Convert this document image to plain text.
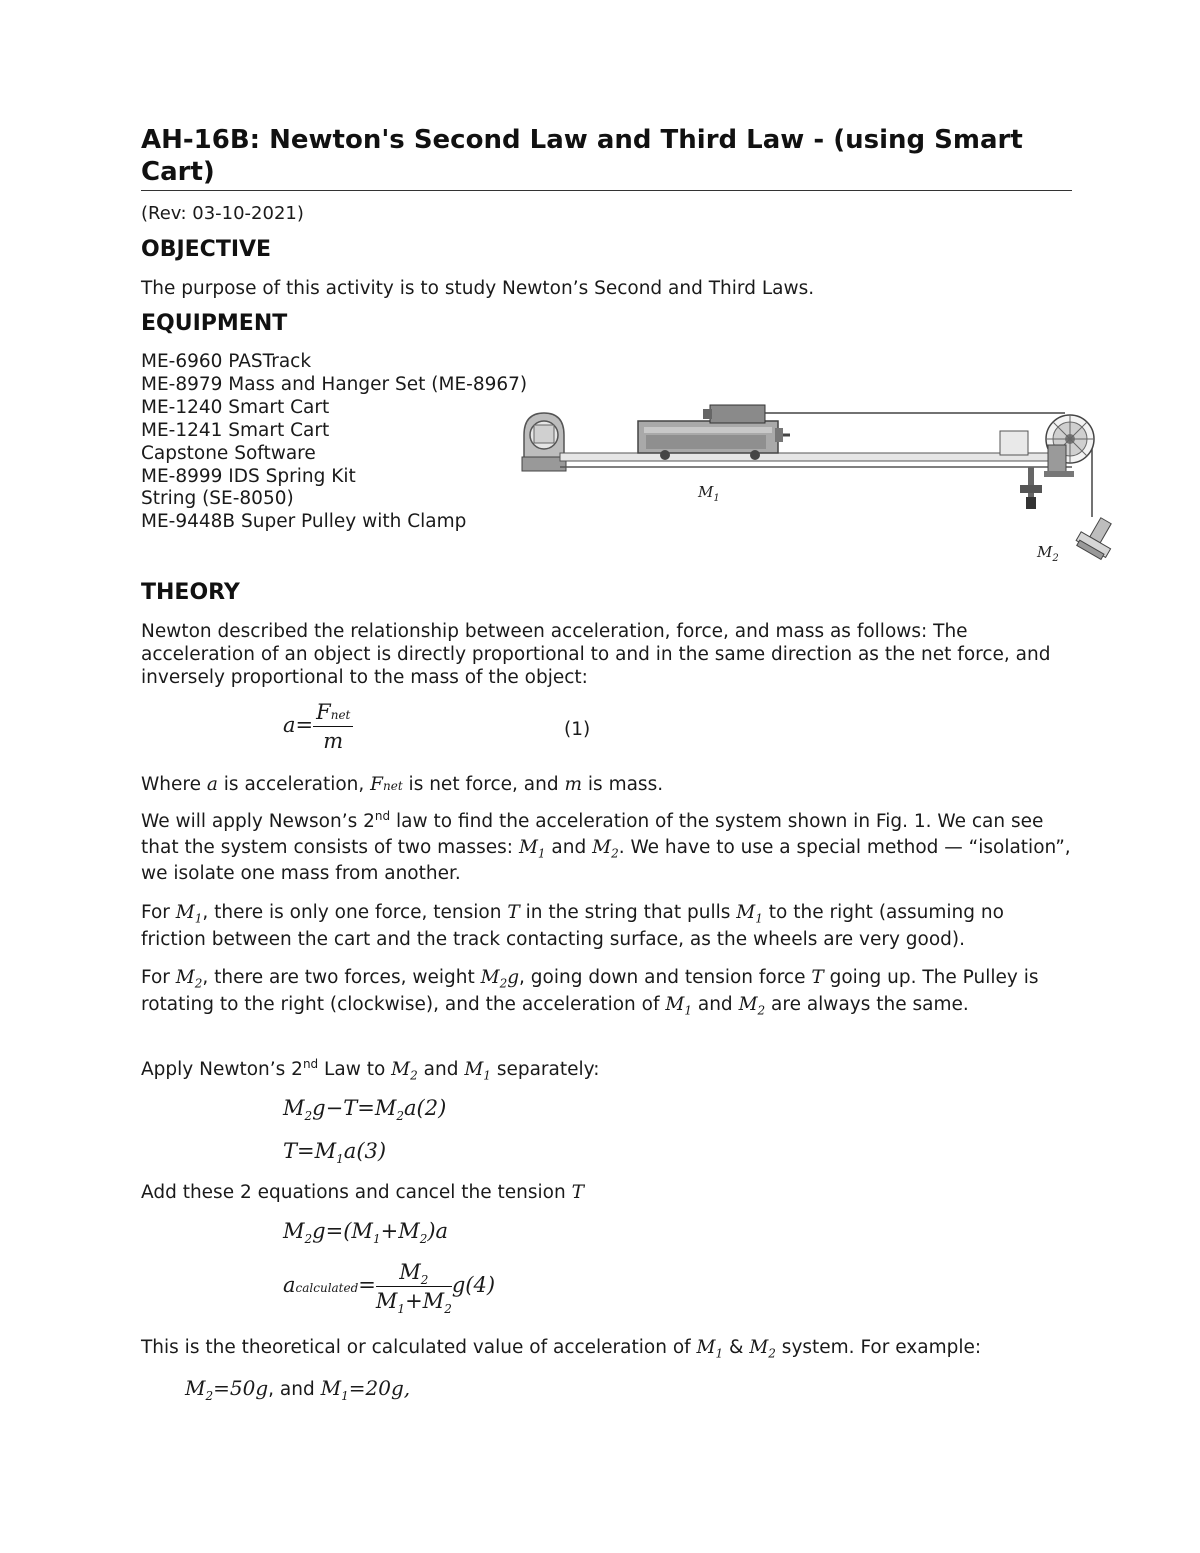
AH-16B: Newton's Second Law and Third Law - (using Smart Cart)
(Rev: 03-10-2021)
OBJECTIVE

The purpose of this activity is to study Newton’s Second and Third Laws.

EQUIPMENT
ME-6960 PASTrack
ME-8979 Mass and Hanger Set (ME-8967)
ME-1240 Smart Cart
ME-1241 Smart Cart
Capstone Software
ME-8999 IDS Spring Kit
String (SE-8050)
ME-9448B Super Pulley with Clamp
THEORY

Newton described the relationship between acceleration, force, and mass as follows: The acceleration of an object is directly proportional to and in the same direction as the net force, and inversely proportional to the mass of the object:

$a= \frac{\text{Fnet}}{m}$	(1)

Where a is acceleration, Fnet is net force, and m is mass.

We will apply Newson’s 2nd law to find the acceleration of the system shown in Fig. 1. We can see that the system consists of two masses: $M_1$ and $M_2$. We have to use a special method — “isolation”, we isolate one mass from another.

For $M_1$, there is only one force, tension T in the string that pulls $M_1$ to the right (assuming no friction between the cart and the track contacting surface, as the wheels are very good).

For $M_2$, there are two forces, weight $M_2g$, going down and tension force T going up. The Pulley is rotating to the right (clockwise), and the acceleration of $M_1$ and $M_2$ are always the same.

Apply Newton’s 2nd Law to $M_2$ and $M_1$ separately:

$M_2g-T=M_2a(2)$
$T=M_1a(3)$

Add these 2 equations and cancel the tension T

$M_2g=(M_1+M_2)a$
acalculated= $\frac{M_2}{M_1+M_2} g(4)$

This is the theoretical or calculated value of acceleration of $M_1$ & $M_2$ system. For example:

$M_2=50g$, and $M_1=20g$,
$M_1$
$M_2$
